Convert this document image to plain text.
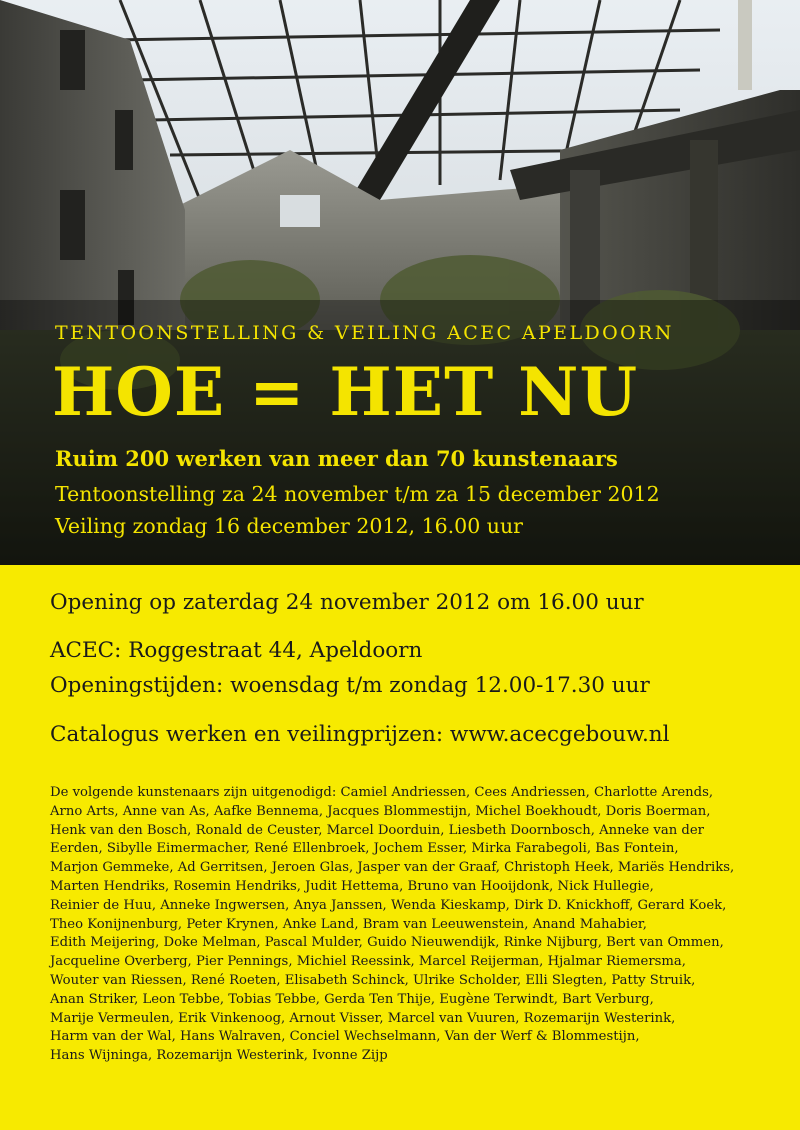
TENTOONSTELLING & VEILING ACEC APELDOORN
HOE = HET NU
Ruim 200 werken van meer dan 70 kunstenaars
Tentoonstelling za 24 november t/m za 15 december 2012
Veiling zondag 16 december 2012, 16.00 uur
Opening op zaterdag 24 november 2012 om 16.00 uur
ACEC: Roggestraat 44, Apeldoorn
Openingstijden: woensdag t/m zondag 12.00-17.30 uur
Catalogus werken en veilingprijzen: www.acecgebouw.nl
De volgende kunstenaars zijn uitgenodigd: Camiel Andriessen, Cees Andriessen, Charlotte Arends,
Arno Arts, Anne van As, Aafke Bennema, Jacques Blommestijn, Michel Boekhoudt, Doris Boerman,
Henk van den Bosch, Ronald de Ceuster, Marcel Doorduin, Liesbeth Doornbosch, Anneke van der
Eerden, Sibylle Eimermacher, René Ellenbroek, Jochem Esser, Mirka Farabegoli, Bas Fontein,
Marjon Gemmeke, Ad Gerritsen, Jeroen Glas, Jasper van der Graaf, Christoph Heek, Mariës Hendriks,
Marten Hendriks, Rosemin Hendriks, Judit Hettema, Bruno van Hooijdonk, Nick Hullegie,
Reinier de Huu, Anneke Ingwersen, Anya Janssen, Wenda Kieskamp, Dirk D. Knickhoff, Gerard Koek,
Theo Konijnenburg, Peter Krynen, Anke Land, Bram van Leeuwenstein, Anand Mahabier,
Edith Meijering, Doke Melman, Pascal Mulder, Guido Nieuwendijk, Rinke Nijburg, Bert van Ommen,
Jacqueline Overberg, Pier Pennings, Michiel Reessink, Marcel Reijerman, Hjalmar Riemersma,
Wouter van Riessen, René Roeten, Elisabeth Schinck, Ulrike Scholder, Elli Slegten, Patty Struik,
Anan Striker, Leon Tebbe, Tobias Tebbe, Gerda Ten Thije, Eugène Terwindt, Bart Verburg,
Marije Vermeulen, Erik Vinkenoog, Arnout Visser, Marcel van Vuuren, Rozemarijn Westerink,
Harm van der Wal, Hans Walraven, Conciel Wechselmann, Van der Werf & Blommestijn,
Hans Wijninga, Rozemarijn Westerink, Ivonne Zijp
